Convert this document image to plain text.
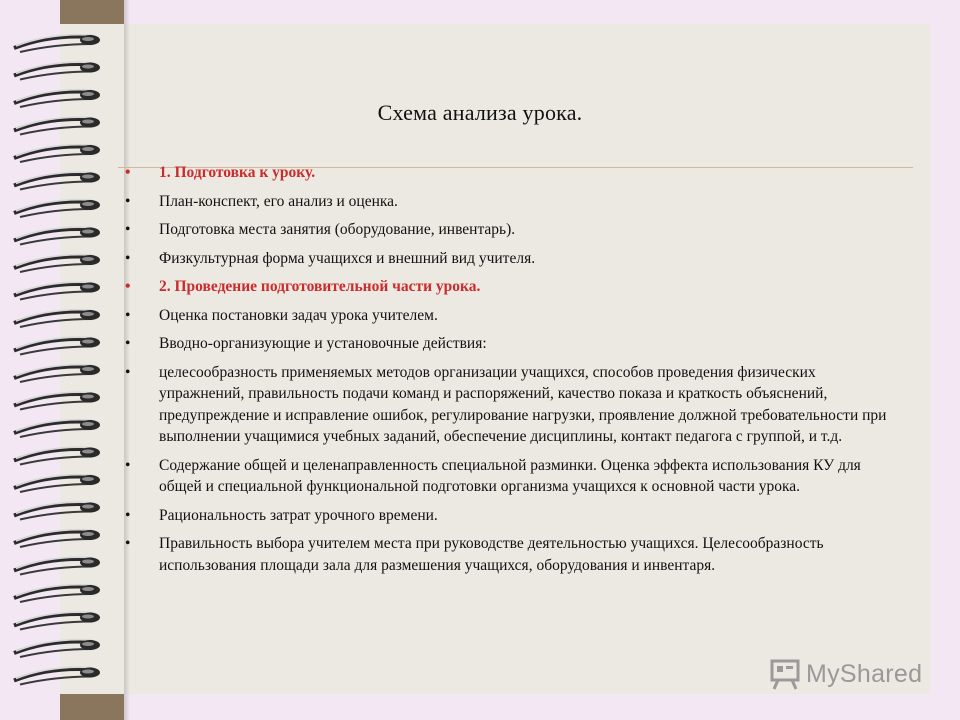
Схема анализа урока.
• 1. Подготовка к уроку.
• План-конспект, его анализ и оценка.
• Подготовка места занятия (оборудование, инвентарь).
• Физкультурная форма учащихся и внешний вид учителя.
• 2. Проведение подготовительной части урока.
• Оценка постановки задач урока учителем.
• Вводно-организующие и установочные действия:
• целесообразность применяемых методов организации учащихся, способов проведения физических упражнений, правильность подачи команд и распоряжений, качество показа и краткость объяснений, предупреждение и исправление ошибок, регулирование нагрузки, проявление должной требовательности при выполнении учащимися учебных заданий, обеспечение дисциплины, контакт педагога с группой, и т.д.
• Содержание общей и целенаправленность специальной разминки. Оценка эффекта использования КУ для общей и специальной функциональной подготовки организма учащихся к основной части урока.
• Рациональность затрат урочного времени.
• Правильность выбора учителем места при руководстве деятельностью учащихся. Целесообразность использования площади зала для размешения учащихся, оборудования и инвентаря.
MyShared
